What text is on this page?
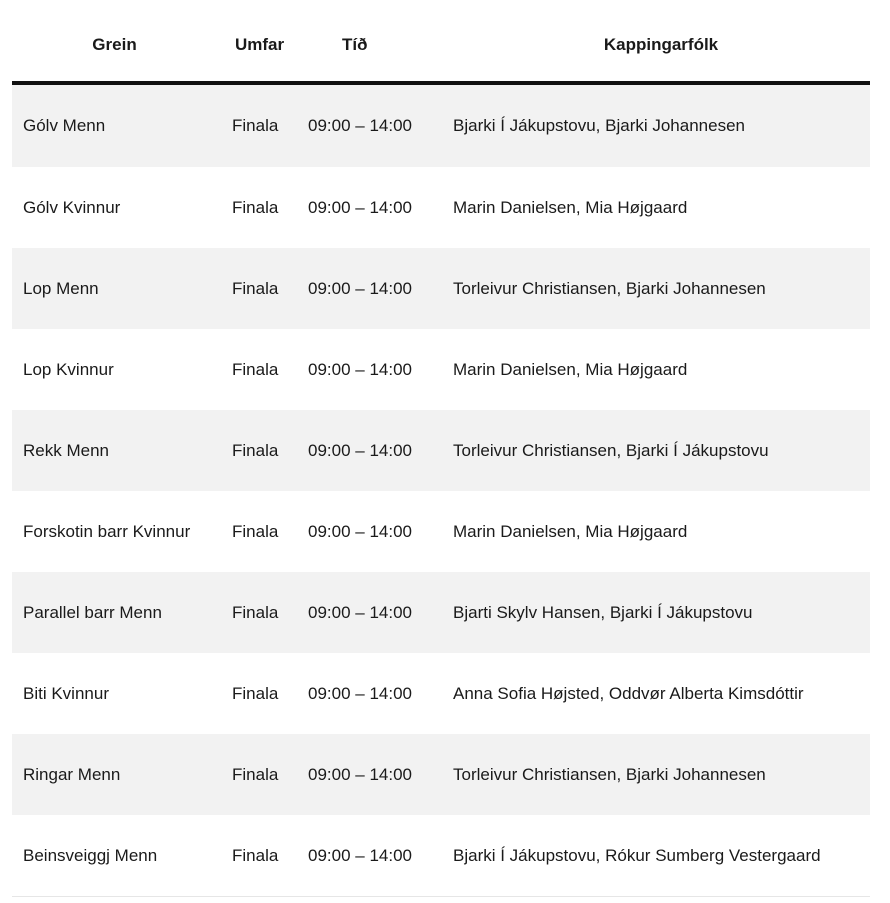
Grein	Umfar	Tíð	Kappingarfólk
Gólv Menn	Finala	09:00 – 14:00	Bjarki Í Jákupstovu, Bjarki Johannesen
Gólv Kvinnur	Finala	09:00 – 14:00	Marin Danielsen, Mia Højgaard
Lop Menn	Finala	09:00 – 14:00	Torleivur Christiansen, Bjarki Johannesen
Lop Kvinnur	Finala	09:00 – 14:00	Marin Danielsen, Mia Højgaard
Rekk Menn	Finala	09:00 – 14:00	Torleivur Christiansen, Bjarki Í Jákupstovu
Forskotin barr Kvinnur	Finala	09:00 – 14:00	Marin Danielsen, Mia Højgaard
Parallel barr Menn	Finala	09:00 – 14:00	Bjarti Skylv Hansen, Bjarki Í Jákupstovu
Biti Kvinnur	Finala	09:00 – 14:00	Anna Sofia Højsted, Oddvør Alberta Kimsdóttir
Ringar Menn	Finala	09:00 – 14:00	Torleivur Christiansen, Bjarki Johannesen
Beinsveiggj Menn	Finala	09:00 – 14:00	Bjarki Í Jákupstovu, Rókur Sumberg Vestergaard
